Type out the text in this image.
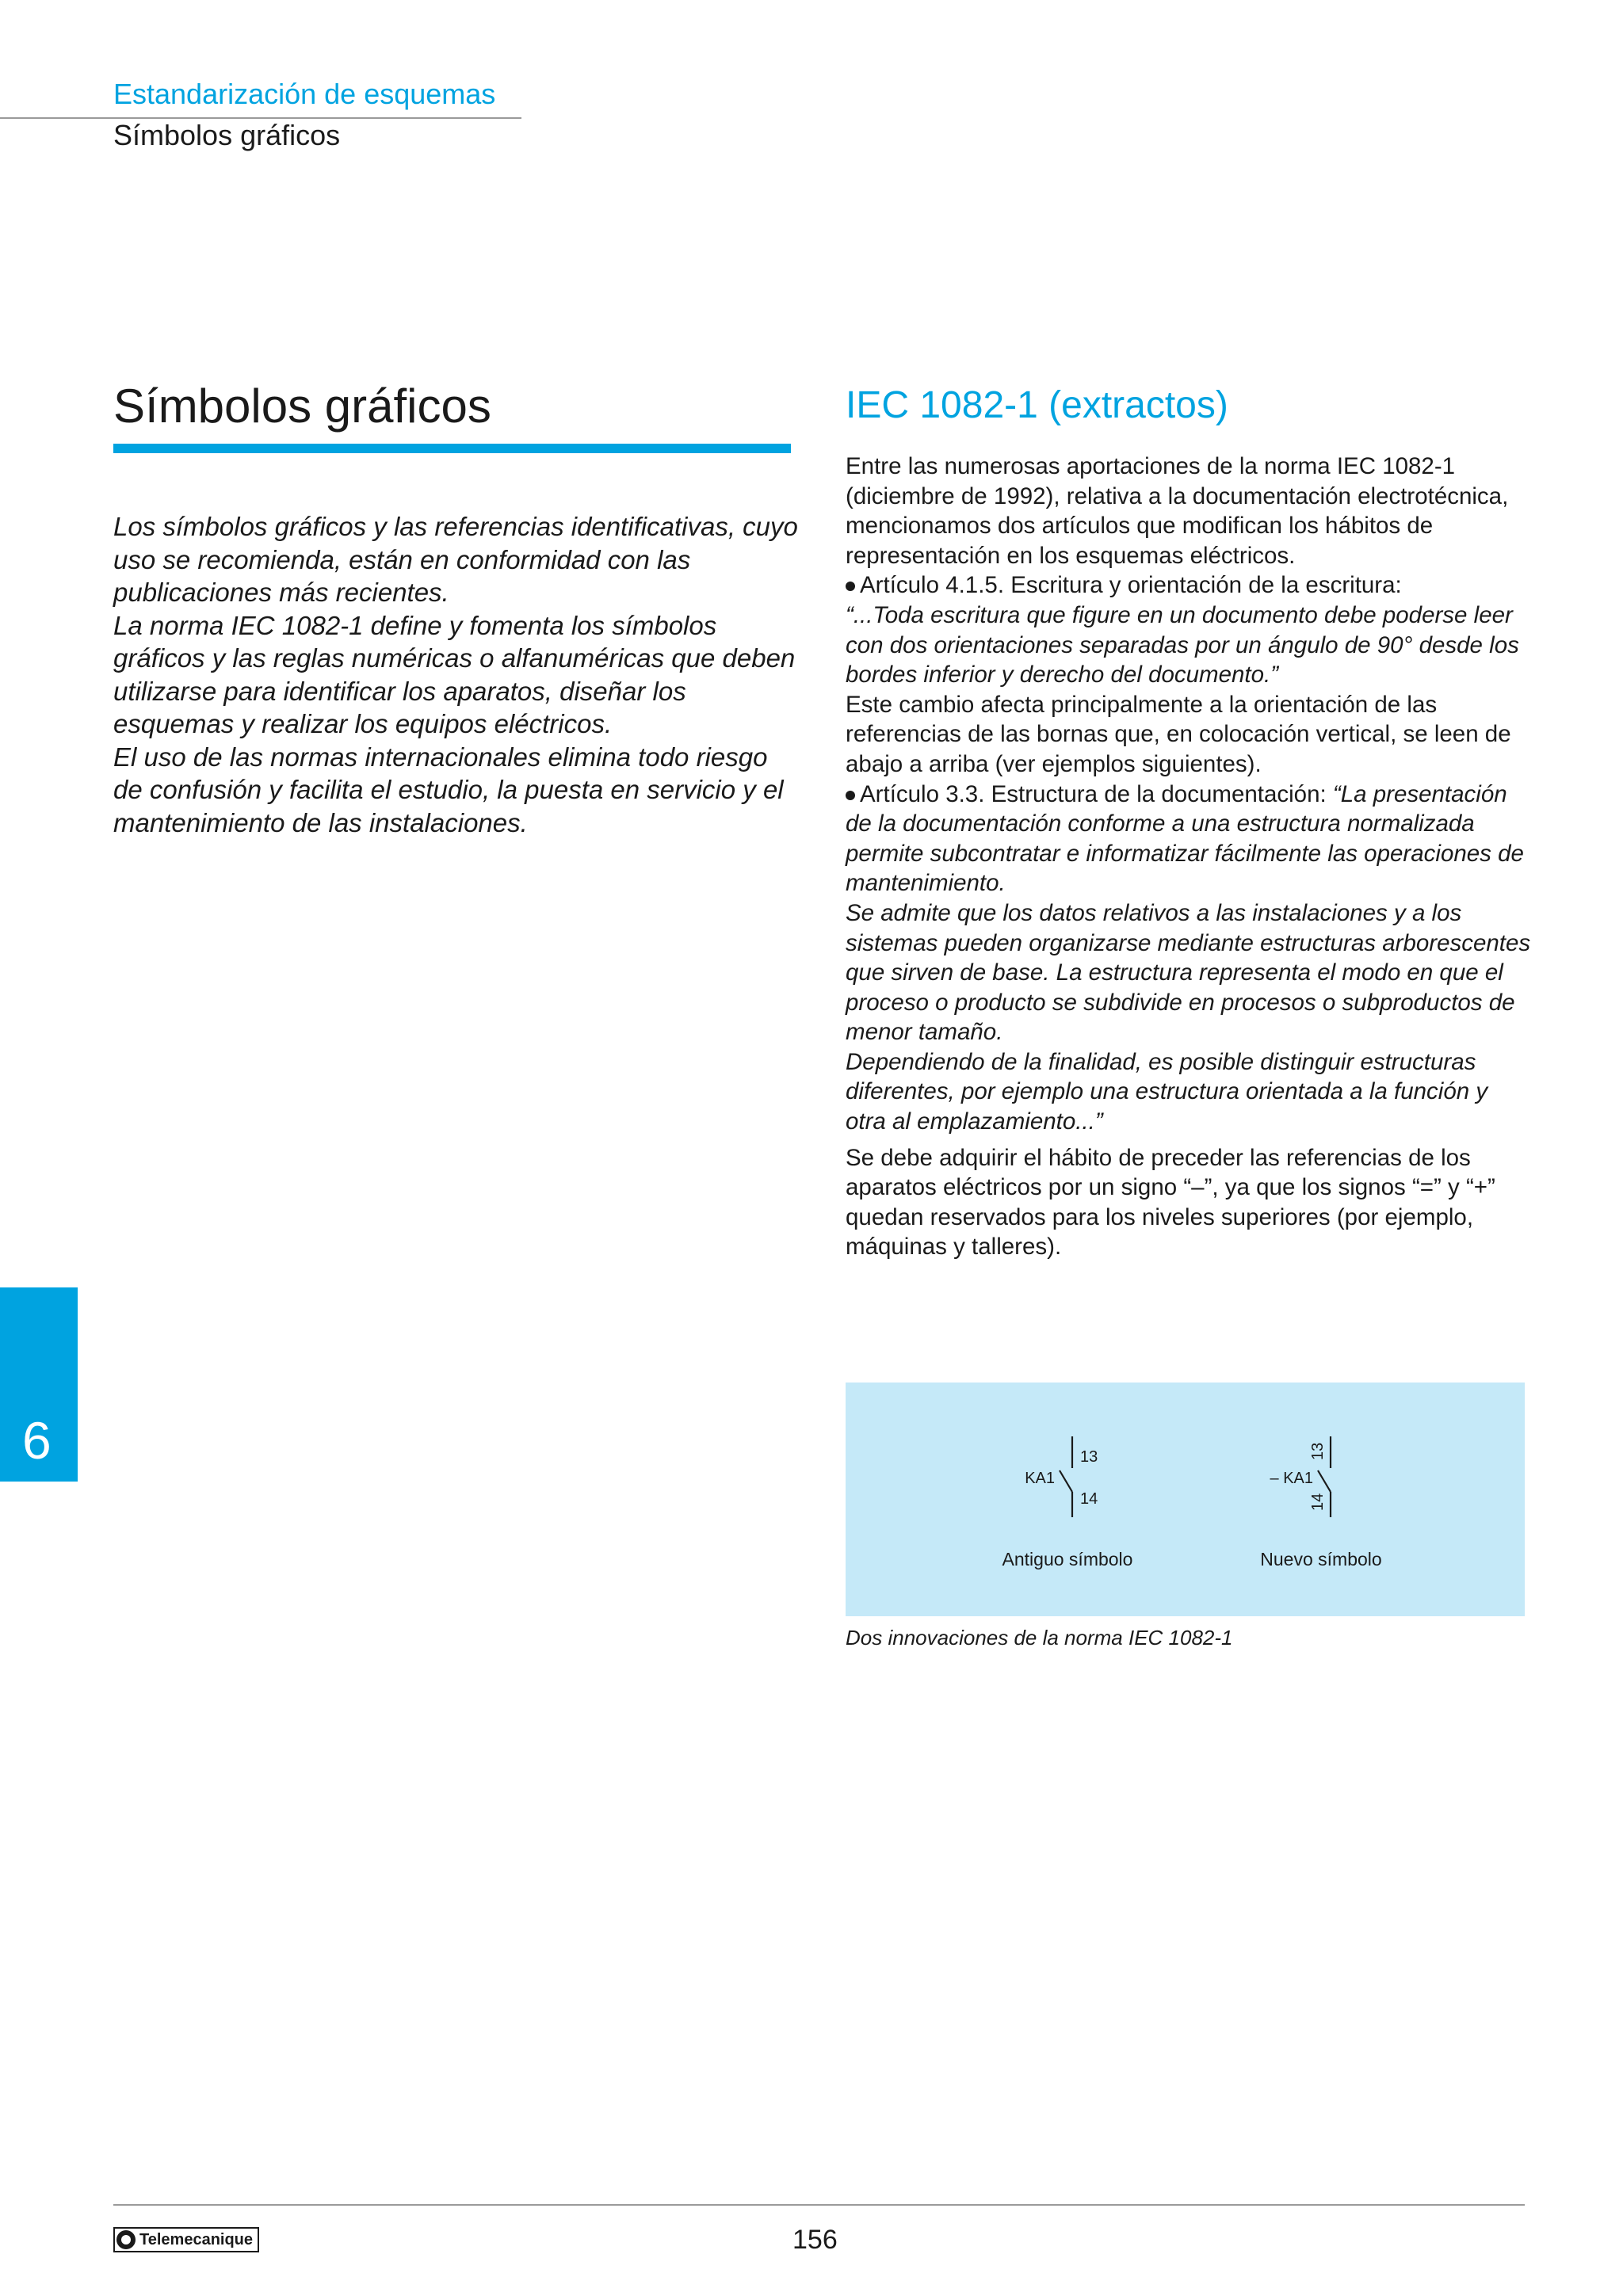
Estandarización de esquemas
Símbolos gráficos
Símbolos gráficos

Los símbolos gráficos y las referencias identificativas, cuyo uso se recomienda, están en conformidad con las publicaciones más recientes.

La norma IEC 1082-1 define y fomenta los símbolos gráficos y las reglas numéricas o alfanuméricas que deben utilizarse para identificar los aparatos, diseñar los esquemas y realizar los equipos eléctricos.

El uso de las normas internacionales elimina todo riesgo de confusión y facilita el estudio, la puesta en servicio y el mantenimiento de las instalaciones.

IEC 1082-1 (extractos)

Entre las numerosas aportaciones de la norma IEC 1082-1 (diciembre de 1992), relativa a la documentación electrotécnica, mencionamos dos artículos que modifican los hábitos de representación en los esquemas eléctricos.

Artículo 4.1.5. Escritura y orientación de la escritura:

“...Toda escritura que figure en un documento debe poderse leer con dos orientaciones separadas por un ángulo de 90° desde los bordes inferior y derecho del documento.”

Este cambio afecta principalmente a la orientación de las referencias de las bornas que, en colocación vertical, se leen de abajo a arriba (ver ejemplos siguientes).

Artículo 3.3. Estructura de la documentación: “La presentación de la documentación conforme a una estructura normalizada permite subcontratar e informatizar fácilmente las operaciones de mantenimiento.

Se admite que los datos relativos a las instalaciones y a los sistemas pueden organizarse mediante estructuras arborescentes que sirven de base. La estructura representa el modo en que el proceso o producto se subdivide en procesos o subproductos de menor tamaño.

Dependiendo de la finalidad, es posible distinguir estructuras diferentes, por ejemplo una estructura orientada a la función y otra al emplazamiento...”

Se debe adquirir el hábito de preceder las referencias de los aparatos eléctricos por un signo “–”, ya que los signos “=” y “+” quedan reservados para los niveles superiores (por ejemplo, máquinas y talleres).

6	13
14
KA1
Antiguo símbolo
13
14
– KA1
Nuevo símbolo
Dos innovaciones de la norma IEC 1082-1
Telemecanique	156
